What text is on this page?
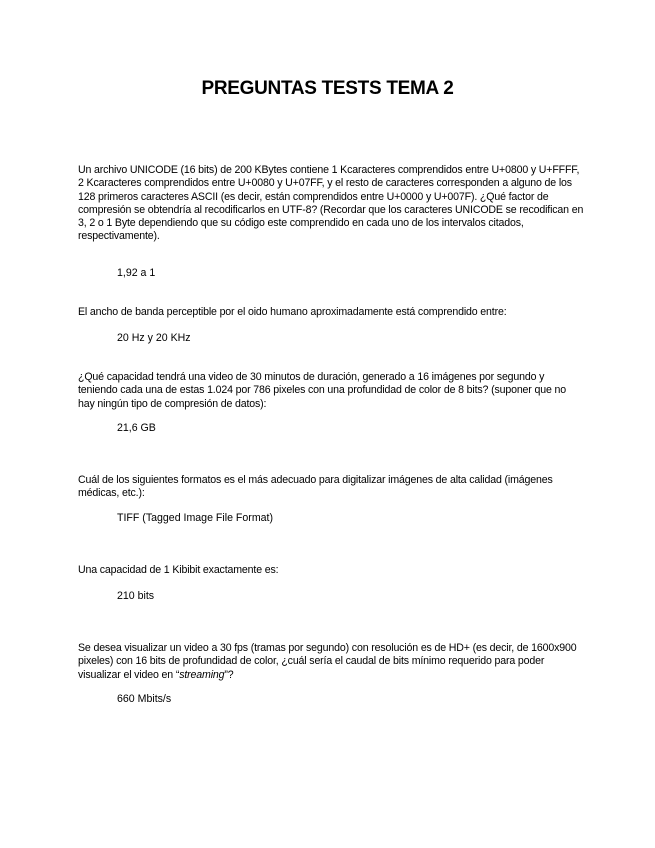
PREGUNTAS TESTS TEMA 2
Un archivo UNICODE (16 bits) de 200 KBytes contiene 1 Kcaracteres comprendidos entre U+0800 y U+FFFF, 2 Kcaracteres comprendidos entre U+0080 y U+07FF, y el resto de caracteres corresponden a alguno de los 128 primeros caracteres ASCII (es decir, están comprendidos entre U+0000 y U+007F). ¿Qué factor de compresión se obtendría al recodificarlos en UTF-8? (Recordar que los caracteres UNICODE se recodifican en 3, 2 o 1 Byte dependiendo que su código este comprendido en cada uno de los intervalos citados, respectivamente).
1,92 a 1
El ancho de banda perceptible por el oido humano aproximadamente está comprendido entre:
20 Hz y 20 KHz
¿Qué capacidad tendrá una video de 30 minutos de duración, generado a 16 imágenes por segundo y teniendo cada una de estas 1.024 por 786 pixeles con una profundidad de color de 8 bits? (suponer que no hay ningún tipo de compresión de datos):
21,6 GB
Cuál de los siguientes formatos es el más adecuado para digitalizar imágenes de alta calidad (imágenes médicas, etc.):
TIFF (Tagged Image File Format)
Una capacidad de 1 Kibibit exactamente es:
210 bits
Se desea visualizar un video a 30 fps (tramas por segundo) con resolución es de HD+ (es decir, de 1600x900 pixeles) con 16 bits de profundidad de color, ¿cuál sería el caudal de bits mínimo requerido para poder visualizar el video en “streaming”?
660 Mbits/s
